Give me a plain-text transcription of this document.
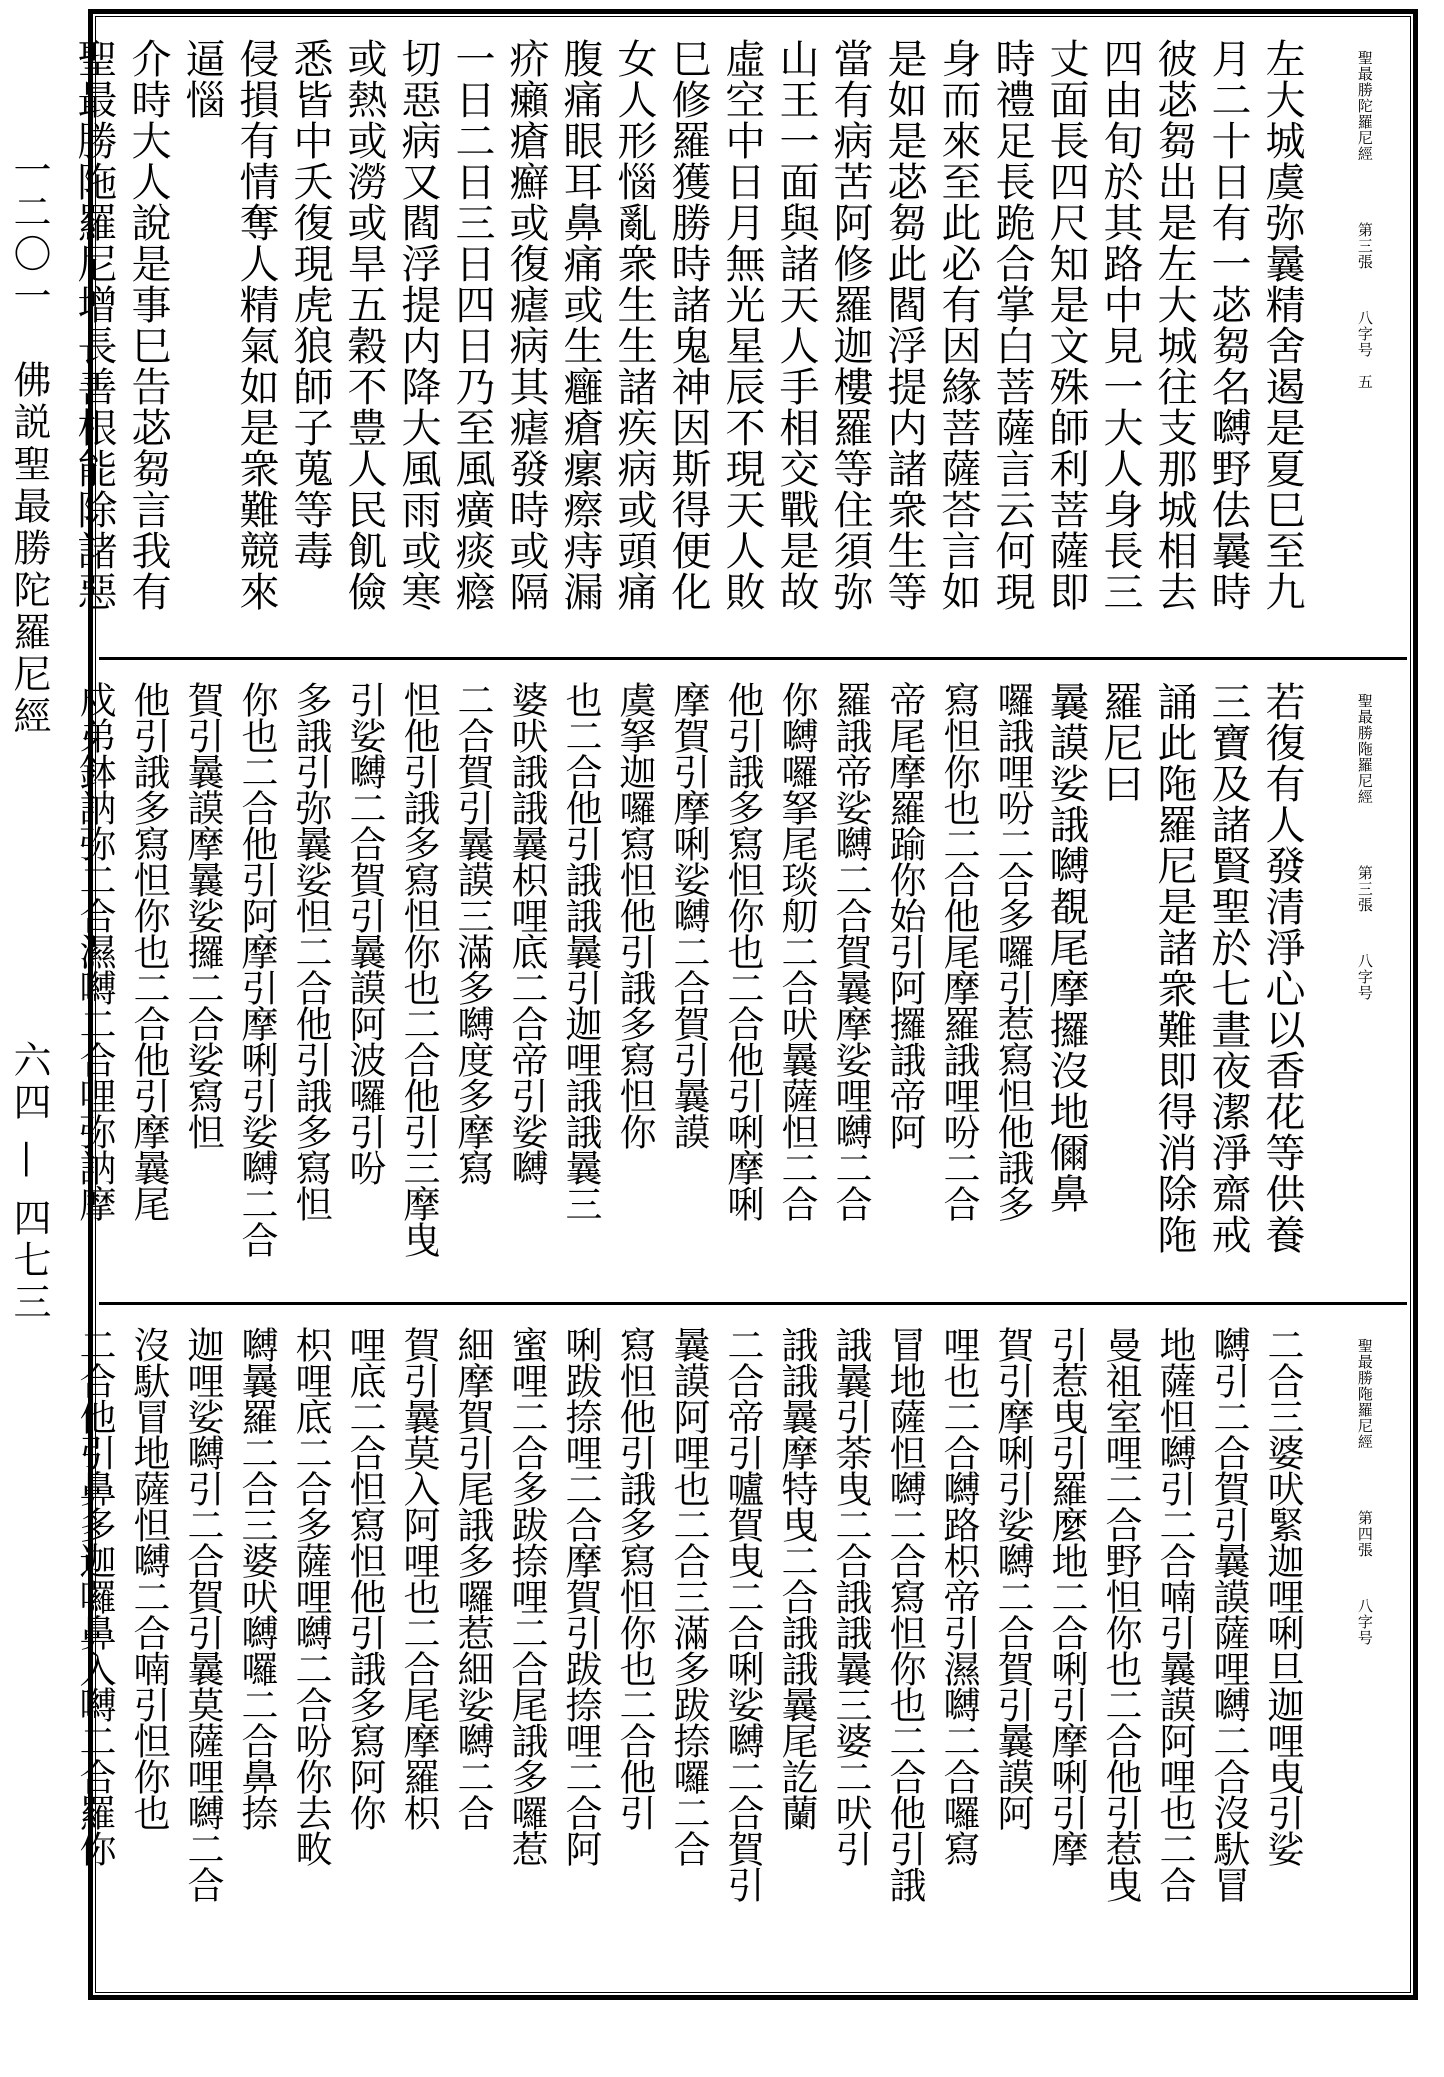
一二〇一　佛説聖最勝陀羅尼經
六四 — 四七三
聖最勝陀羅尼經
第三張
八字号　五
左大城虞弥曩精舍遏是夏巳至九
月二十日有一苾芻名嚩野佉曩時
彼苾芻出是左大城往支那城相去
四由旬於其路中見一大人身長三
丈面長四尺知是文殊師利菩薩即
時禮足長跪合掌白菩薩言云何現
身而來至此必有因緣菩薩荅言如
是如是苾芻此閻浮提内諸衆生等
當有病苦阿修羅迦樓羅等住須弥
山王一面與諸天人手相交戰是故
虛空中日月無光星辰不現天人敗
巳修羅獲勝時諸鬼神因斯得便化
女人形惱亂衆生生諸疾病或頭痛
腹痛眼耳鼻痛或生癰瘡瘰瘵痔漏
疥癩瘡癬或復瘧病其瘧發時或隔
一日二日三日四日乃至風癀痰癊
切惡病又閻浮提内降大風雨或寒
或熱或澇或旱五穀不豊人民飢儉
悉皆中夭復現虎狼師子蒐等毒
侵損有情奪人精氣如是衆難競來
逼惱
介時大人說是事巳告苾芻言我有
聖最勝陁羅尼增長善根能除諸惡
聖最勝陁羅尼經
第三張
八字号
若復有人發清淨心以香花等供養
三寶及諸賢聖於七晝夜潔淨齋戒
誦此陁羅尼是諸衆難即得消除陁
羅尼曰
曩謨娑誐嚩覩尾摩攞沒地儞鼻
囉誐哩吩二合多囉引惹寫怛他誐多
寫怛你也二合他尾摩羅誐哩吩二合
帝尾摩羅踰你始引阿攞誐帝阿
羅誐帝娑嚩二合賀曩摩娑哩嚩二合
你嚩囉拏尾琰舠二合吠曩薩怛二合
他引誐多寫怛你也二合他引唎摩唎
摩賀引摩唎娑嚩二合賀引曩謨
虞拏迦囉寫怛他引誐多寫怛你
也二合他引誐誐曩引迦哩誐誐曩三
婆吠誐誐曩枳哩底二合帝引娑嚩
二合賀引曩謨三滿多嚩度多摩寫
怛他引誐多寫怛你也二合他引三摩曳
引娑嚩二合賀引曩謨阿波囉引吩
多誐引弥曩娑怛二合他引誐多寫怛
你也二合他引阿摩引摩唎引娑嚩二合
賀引曩謨摩曩娑攞二合娑寫怛
他引誐多寫怛你也二合他引摩曩尾
戍弟鉢訥弥二合濕嚩二合哩弥訥摩
聖最勝陁羅尼經
第四張
八字号
二合三婆吠緊迦哩唎旦迦哩曳引娑
嚩引二合賀引曩謨薩哩嚩二合沒馱冒
地薩怛嚩引二合喃引曩謨阿哩也二合
曼祖室哩二合野怛你也二合他引惹曳
引惹曳引羅麼地二合唎引摩唎引摩
賀引摩唎引娑嚩二合賀引曩謨阿
哩也二合嚩路枳帝引濕嚩二合囉寫
冒地薩怛嚩二合寫怛你也二合他引誐
誐曩引荼曳二合誐誐曩三婆二吠引
誐誐曩摩特曳二合誐誐曩尾訖蘭
二合帝引嚧賀曳二合唎娑嚩二合賀引
曩謨阿哩也二合三滿多跋捺囉二合
寫怛他引誐多寫怛你也二合他引
唎跋捺哩二合摩賀引跋捺哩二合阿
蜜哩二合多跋捺哩二合尾誐多囉惹
細摩賀引尾誐多囉惹細娑嚩二合
賀引曩莫入阿哩也二合尾摩羅枳
哩底二合怛寫怛他引誐多寫阿你
枳哩底二合多薩哩嚩二合吩你去畋
嚩曩羅二合三婆吠嚩囉二合鼻捺
迦哩娑嚩引二合賀引曩莫薩哩嚩二合
沒馱冒地薩怛嚩二合喃引怛你也
二合他引鼻多迦囉鼻入嚩二合羅你
